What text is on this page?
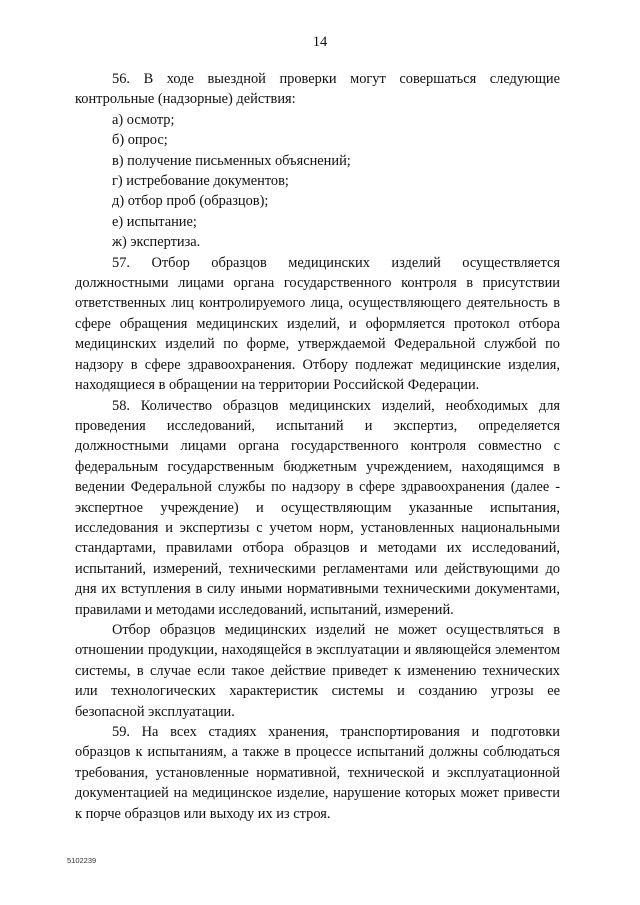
14

56. В ходе выездной проверки могут совершаться следующие контрольные (надзорные) действия:

а) осмотр;

б) опрос;

в) получение письменных объяснений;

г) истребование документов;

д) отбор проб (образцов);

е) испытание;

ж) экспертиза.

57. Отбор образцов медицинских изделий осуществляется должностными лицами органа государственного контроля в присутствии ответственных лиц контролируемого лица, осуществляющего деятельность в сфере обращения медицинских изделий, и оформляется протокол отбора медицинских изделий по форме, утверждаемой Федеральной службой по надзору в сфере здравоохранения. Отбору подлежат медицинские изделия, находящиеся в обращении на территории Российской Федерации.

58. Количество образцов медицинских изделий, необходимых для проведения исследований, испытаний и экспертиз, определяется должностными лицами органа государственного контроля совместно с федеральным государственным бюджетным учреждением, находящимся в ведении Федеральной службы по надзору в сфере здравоохранения (далее - экспертное учреждение) и осуществляющим указанные испытания, исследования и экспертизы с учетом норм, установленных национальными стандартами, правилами отбора образцов и методами их исследований, испытаний, измерений, техническими регламентами или действующими до дня их вступления в силу иными нормативными техническими документами, правилами и методами исследований, испытаний, измерений.

Отбор образцов медицинских изделий не может осуществляться в отношении продукции, находящейся в эксплуатации и являющейся элементом системы, в случае если такое действие приведет к изменению технических или технологических характеристик системы и созданию угрозы ее безопасной эксплуатации.

59. На всех стадиях хранения, транспортирования и подготовки образцов к испытаниям, а также в процессе испытаний должны соблюдаться требования, установленные нормативной, технической и эксплуатационной документацией на медицинское изделие, нарушение которых может привести к порче образцов или выходу их из строя.

5102239
